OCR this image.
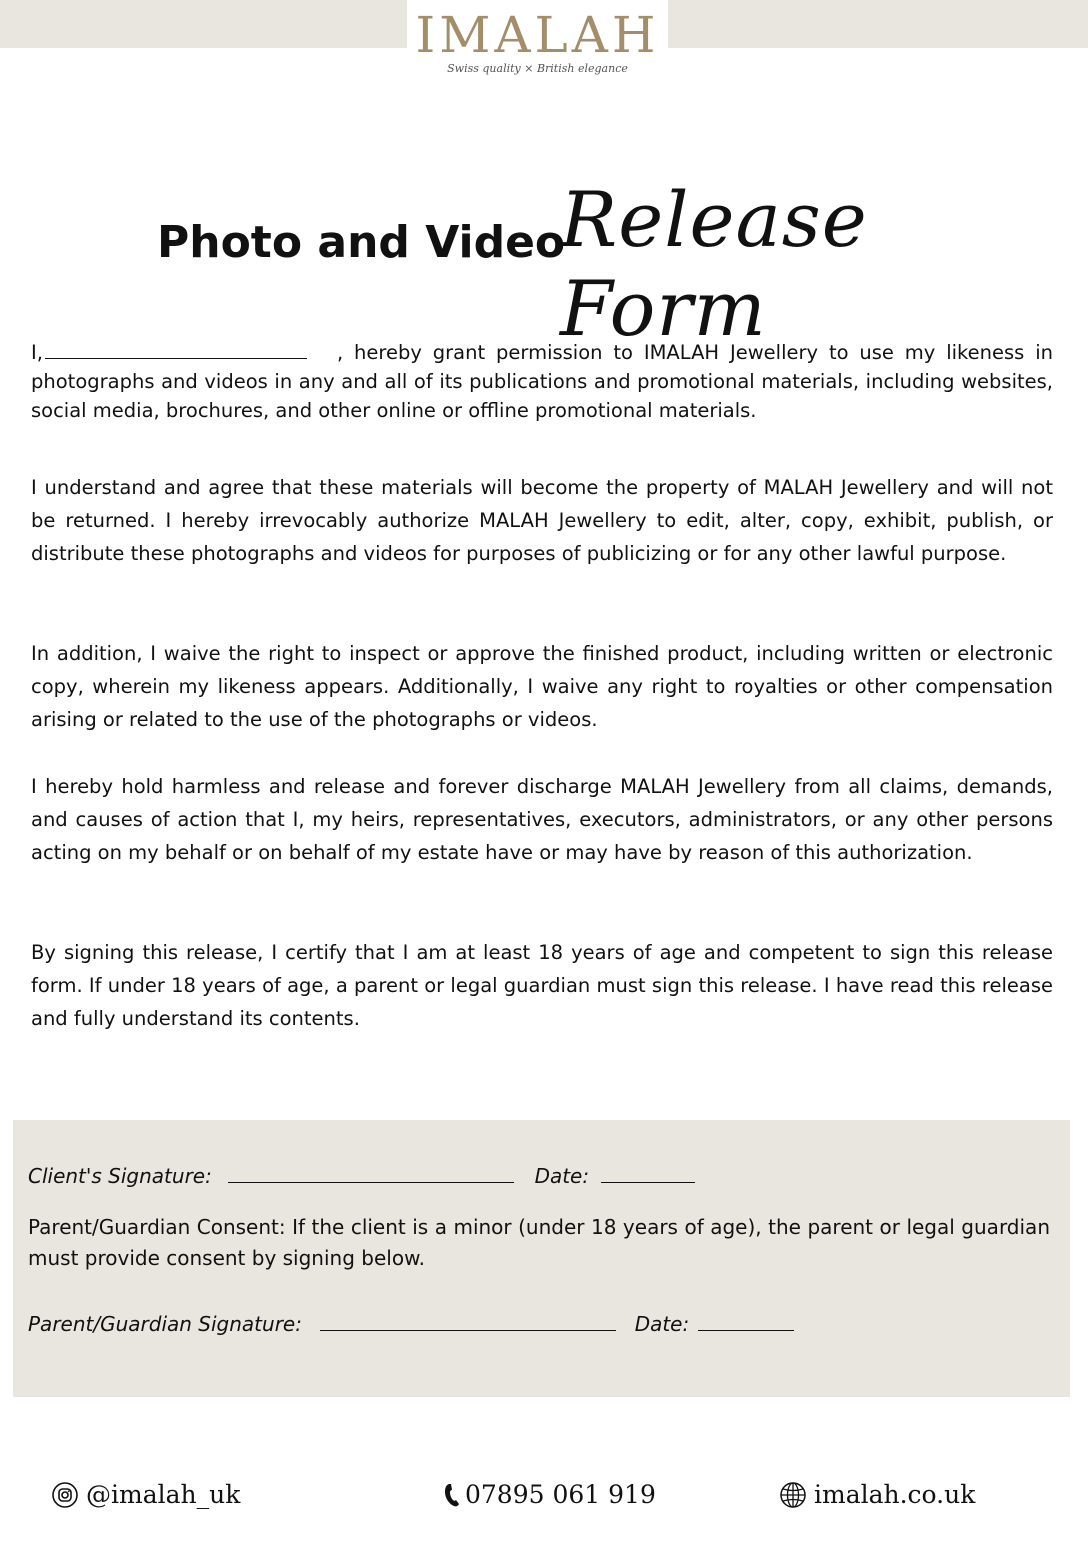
IMALAH
Swiss quality × British elegance
Photo and Video
Release Form
I,	, hereby grant permission to IMALAH Jewellery to use my likeness in photographs and videos in any and all of its publications and promotional materials, including websites, social media, brochures, and other online or offline promotional materials.
I understand and agree that these materials will become the property of MALAH Jewellery and will not be returned. I hereby irrevocably authorize MALAH Jewellery to edit, alter, copy, exhibit, publish, or distribute these photographs and videos for purposes of publicizing or for any other lawful purpose.
In addition, I waive the right to inspect or approve the finished product, including written or electronic copy, wherein my likeness appears. Additionally, I waive any right to royalties or other compensation arising or related to the use of the photographs or videos.
I hereby hold harmless and release and forever discharge MALAH Jewellery from all claims, demands, and causes of action that I, my heirs, representatives, executors, administrators, or any other persons acting on my behalf or on behalf of my estate have or may have by reason of this authorization.
By signing this release, I certify that I am at least 18 years of age and competent to sign this release form. If under 18 years of age, a parent or legal guardian must sign this release. I have read this release and fully understand its contents.
Client's Signature:	Date:
Parent/Guardian Consent: If the client is a minor (under 18 years of age), the parent or legal guardian must provide consent by signing below.
Parent/Guardian Signature:	Date:
@imalah_uk	07895 061 919	imalah.co.uk
